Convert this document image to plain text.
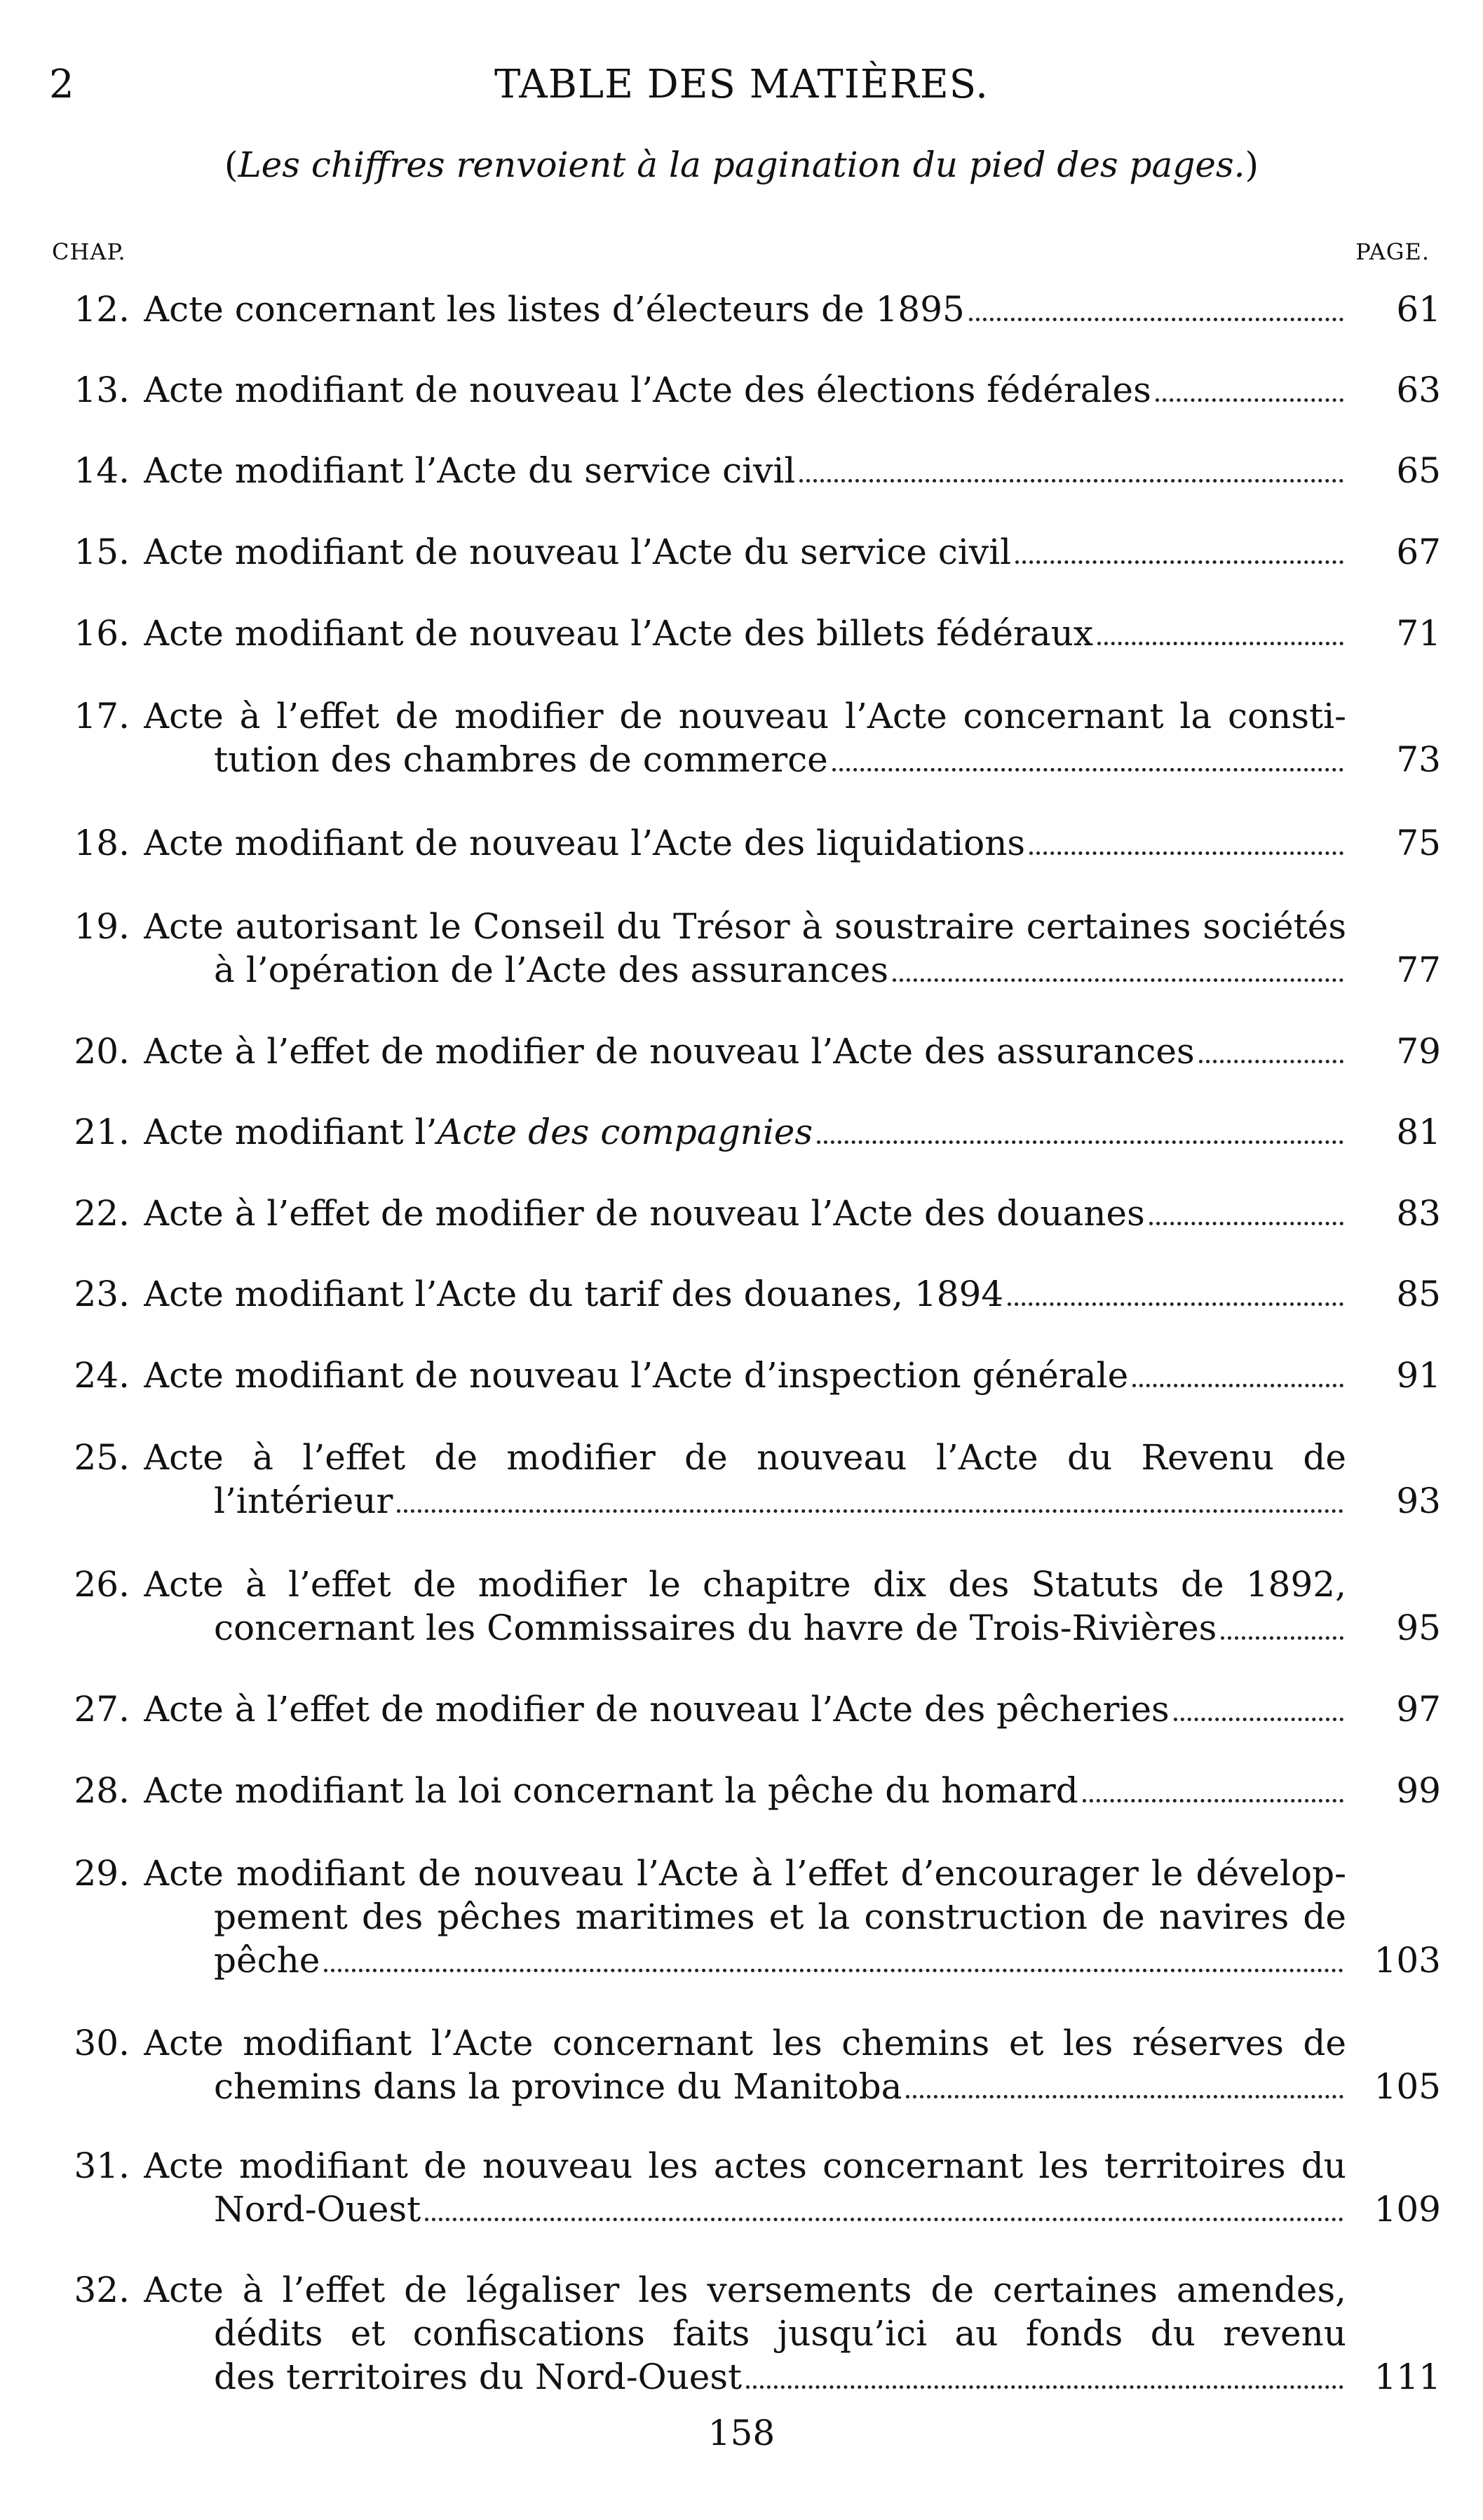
2	TABLE DES MATIÈRES.
(Les chiffres renvoient à la pagination du pied des pages.)
CHAP.	PAGE.
12. Acte concernant les listes d’électeurs de 1895	61
13. Acte modifiant de nouveau l’Acte des élections fédérales	63
14. Acte modifiant l’Acte du service civil	65
15. Acte modifiant de nouveau l’Acte du service civil	67
16. Acte modifiant de nouveau l’Acte des billets fédéraux	71
17. Acte à l’effet de modifier de nouveau l’Acte concernant la consti-
tution des chambres de commerce	73
18. Acte modifiant de nouveau l’Acte des liquidations	75
19. Acte autorisant le Conseil du Trésor à soustraire certaines sociétés
à l’opération de l’Acte des assurances	77
20. Acte à l’effet de modifier de nouveau l’Acte des assurances	79
21. Acte modifiant l’Acte des compagnies	81
22. Acte à l’effet de modifier de nouveau l’Acte des douanes	83
23. Acte modifiant l’Acte du tarif des douanes, 1894	85
24. Acte modifiant de nouveau l’Acte d’inspection générale	91
25. Acte à l’effet de modifier de nouveau l’Acte du Revenu de
l’intérieur	93
26. Acte à l’effet de modifier le chapitre dix des Statuts de 1892,
concernant les Commissaires du havre de Trois-Rivières	95
27. Acte à l’effet de modifier de nouveau l’Acte des pêcheries	97
28. Acte modifiant la loi concernant la pêche du homard	99
29. Acte modifiant de nouveau l’Acte à l’effet d’encourager le dévelop-
pement des pêches maritimes et la construction de navires de
pêche	103
30. Acte modifiant l’Acte concernant les chemins et les réserves de
chemins dans la province du Manitoba	105
31. Acte modifiant de nouveau les actes concernant les territoires du
Nord-Ouest	109
32. Acte à l’effet de légaliser les versements de certaines amendes,
dédits et confiscations faits jusqu’ici au fonds du revenu
des territoires du Nord-Ouest	111
158
